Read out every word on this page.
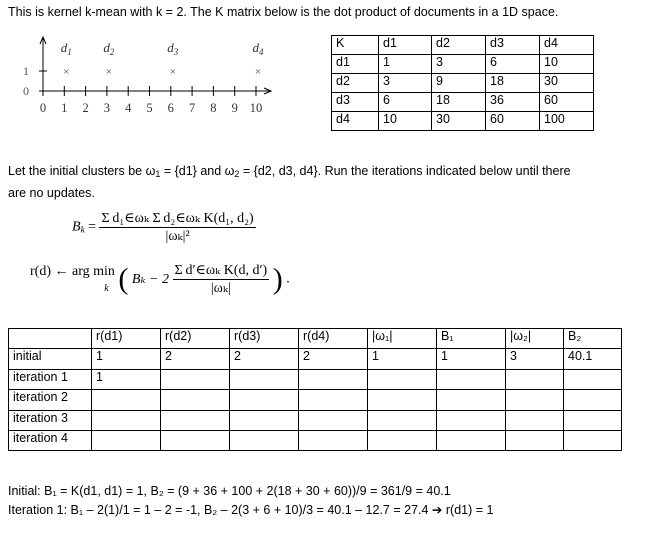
This is kernel k-mean with k = 2. The K matrix below is the dot product of documents in a 1D space.
1
0
0 1 2 3 4 5 6 7 8 9 10
×
$d_1$
×
$d_2$
×
$d_3$
×
$d_4$
K	d1	d2	d3	d4
d1	1	3	6	10
d2	3	9	18	30
d3	6	18	36	60
d4	10	30	60	100
Let the initial clusters be $\omega_1 = \{d1\}$ and $\omega_2 = \{d2$, d3, d4}. Run the iterations indicated below until there
are no updates.
$B_k = \frac{\text{Σ d₁∈ωₖ Σ d₂∈ωₖ K(d₁, d₂)}}{\text{|ωₖ|²}}$
r(d) ← arg min
k ( $B_k - 2 \frac{\text{Σ d′∈ωₖ K(d, d′)}}{\text{|ωₖ|}}$ ) .
	r(d1)	r(d2)	r(d3)	r(d4)	|ω₁|	B₁	|ω₂|	B₂
initial	1	2	2	2	1	1	3	40.1
iteration 1	1							
iteration 2								
iteration 3								
iteration 4								
Initial: B₁ = K(d1, d1) = 1, B₂ = (9 + 36 + 100 + 2(18 + 30 + 60))/9 = 361/9 = 40.1
Iteration 1: B₁ – 2(1)/1 = 1 – 2 = -1, B₂ – 2(3 + 6 + 10)/3 = 40.1 – 12.7 = 27.4 ➔ r(d1) = 1
